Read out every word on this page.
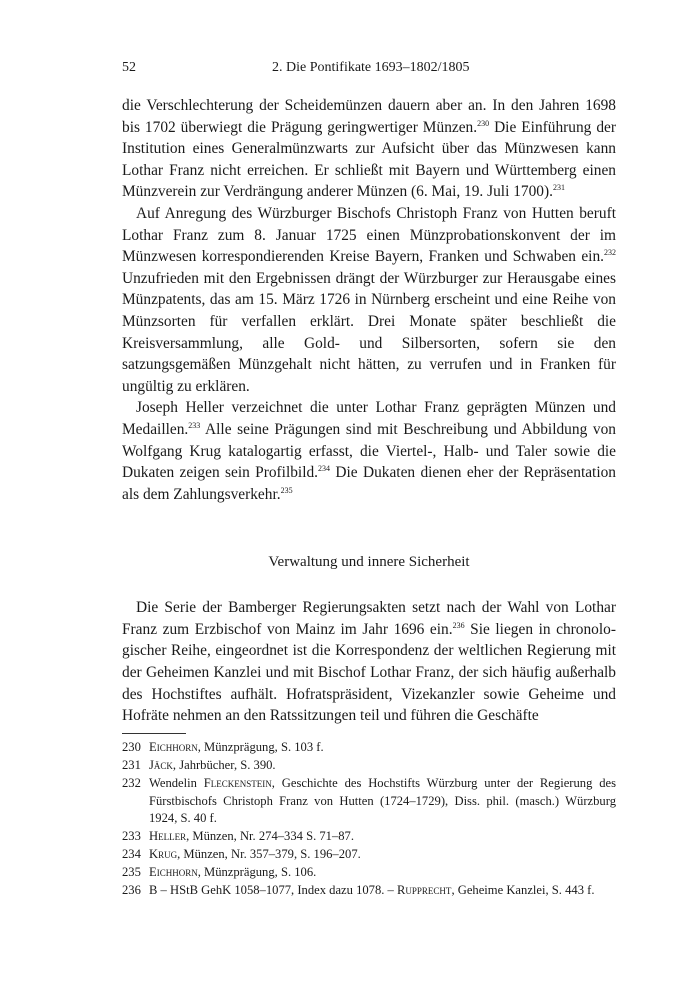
52	2. Die Pontifikate 1693–1802/1805

die Verschlechterung der Scheidemünzen dauern aber an. In den Jahren 1698 bis 1702 überwiegt die Prägung geringwertiger Münzen.$^{230}$ Die Einführung der Institution eines Generalmünzwarts zur Aufsicht über das Münzwesen kann Lothar Franz nicht erreichen. Er schließt mit Bayern und Württemberg einen Münzverein zur Verdrängung anderer Münzen (6. Mai, 19. Juli 1700).$^{231}$

Auf Anregung des Würzburger Bischofs Christoph Franz von Hutten beruft Lothar Franz zum 8. Januar 1725 einen Münzprobationskonvent der im Münzwesen korrespondierenden Kreise Bayern, Franken und Schwaben ein.$^{232}$ Unzufrieden mit den Ergebnissen drängt der Würzburger zur Herausgabe eines Münzpatents, das am 15. März 1726 in Nürnberg erscheint und eine Reihe von Münzsorten für verfallen erklärt. Drei Monate später beschließt die Kreisversammlung, alle Gold- und Silbersorten, sofern sie den satzungsgemäßen Münzgehalt nicht hätten, zu verrufen und in Franken für ungültig zu erklären.

Joseph Heller verzeichnet die unter Lothar Franz geprägten Münzen und Medaillen.$^{233}$ Alle seine Prägungen sind mit Beschreibung und Abbildung von Wolfgang Krug katalogartig erfasst, die Viertel-, Halb- und Taler sowie die Dukaten zeigen sein Profilbild.$^{234}$ Die Dukaten dienen eher der Repräsentation als dem Zahlungsverkehr.$^{235}$

Verwaltung und innere Sicherheit

Die Serie der Bamberger Regierungsakten setzt nach der Wahl von Lothar Franz zum Erzbischof von Mainz im Jahr 1696 ein.$^{236}$ Sie liegen in chronologischer Reihe, eingeordnet ist die Korrespondenz der weltlichen Regierung mit der Geheimen Kanzlei und mit Bischof Lothar Franz, der sich häufig außerhalb des Hochstiftes aufhält. Hofratspräsident, Vizekanzler sowie Geheime und Hofräte nehmen an den Ratssitzungen teil und führen die Geschäfte

230 Eichhorn, Münzprägung, S. 103 f.
231 Jäck, Jahrbücher, S. 390.
232 Wendelin Fleckenstein, Geschichte des Hochstifts Würzburg unter der Regierung des Fürstbischofs Christoph Franz von Hutten (1724–1729), Diss. phil. (masch.) Würzburg 1924, S. 40 f.
233 Heller, Münzen, Nr. 274–334 S. 71–87.
234 Krug, Münzen, Nr. 357–379, S. 196–207.
235 Eichhorn, Münzprägung, S. 106.
236 B – HStB GehK 1058–1077, Index dazu 1078. – Rupprecht, Geheime Kanzlei, S. 443 f.
